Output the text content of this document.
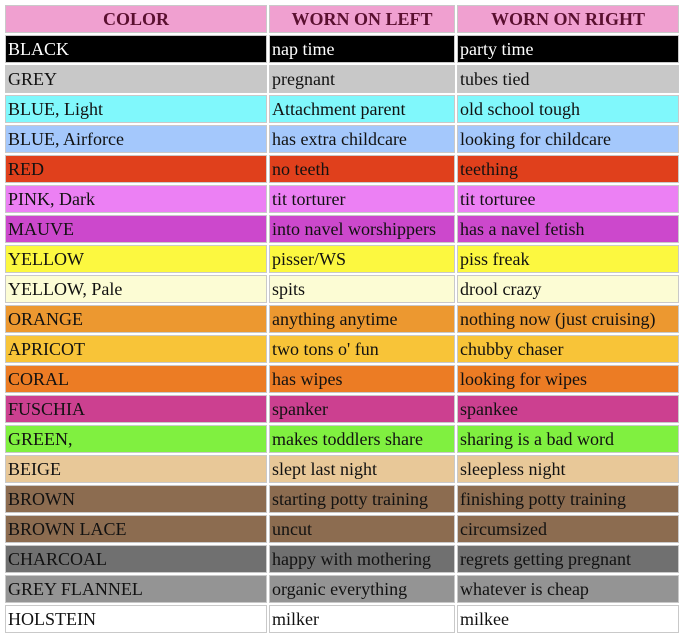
COLOR	WORN ON LEFT	WORN ON RIGHT
BLACK	nap time	party time
GREY	pregnant	tubes tied
BLUE, Light	Attachment parent	old school tough
BLUE, Airforce	has extra childcare	looking for childcare
RED	no teeth	teething
PINK, Dark	tit torturer	tit torturee
MAUVE	into navel worshippers	has a navel fetish
YELLOW	pisser/WS	piss freak
YELLOW, Pale	spits	drool crazy
ORANGE	anything anytime	nothing now (just cruising)
APRICOT	two tons o' fun	chubby chaser
CORAL	has wipes	looking for wipes
FUSCHIA	spanker	spankee
GREEN,	makes toddlers share	sharing is a bad word
BEIGE	slept last night	sleepless night
BROWN	starting potty training	finishing potty training
BROWN LACE	uncut	circumsized
CHARCOAL	happy with mothering	regrets getting pregnant
GREY FLANNEL	organic everything	whatever is cheap
HOLSTEIN	milker	milkee
